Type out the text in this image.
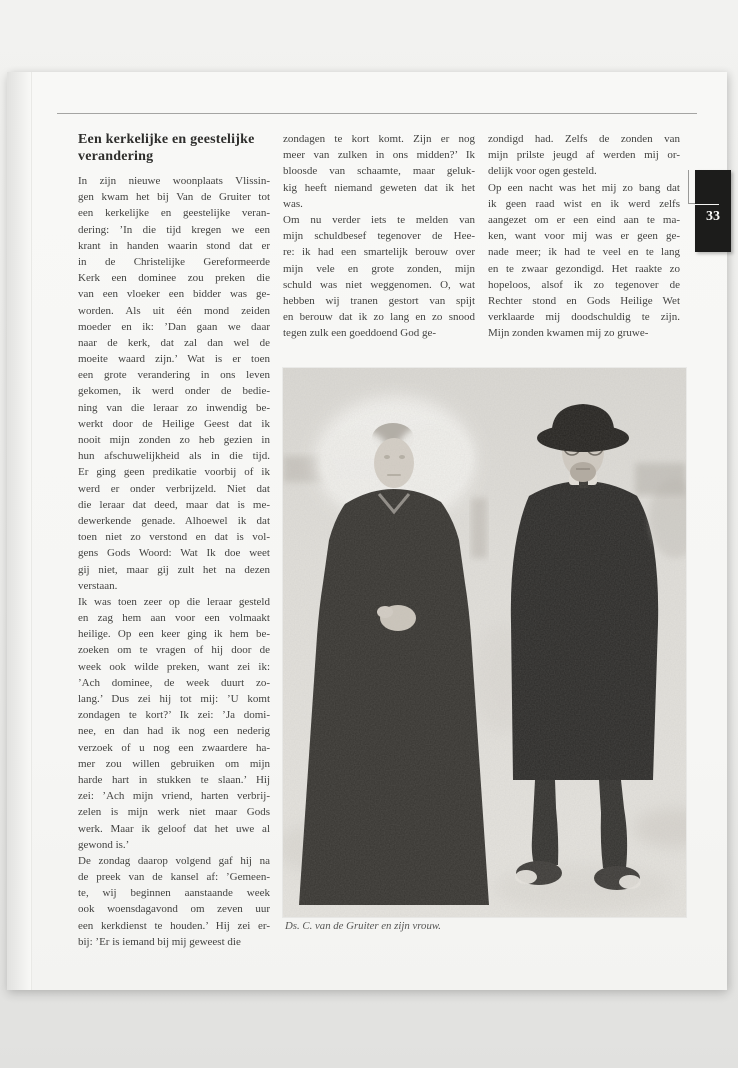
Een kerkelijke en geestelijke
verandering
In zijn nieuwe woonplaats Vlissin-
gen kwam het bij Van de Gruiter tot
een kerkelijke en geestelijke veran-
dering: ’In die tijd kregen we een
krant in handen waarin stond dat er
in de Christelijke Gereformeerde
Kerk een dominee zou preken die
van een vloeker een bidder was ge-
worden. Als uit één mond zeiden
moeder en ik: ’Dan gaan we daar
naar de kerk, dat zal dan wel de
moeite waard zijn.’ Wat is er toen
een grote verandering in ons leven
gekomen, ik werd onder de bedie-
ning van die leraar zo inwendig be-
werkt door de Heilige Geest dat ik
nooit mijn zonden zo heb gezien in
hun afschuwelijkheid als in die tijd.
Er ging geen predikatie voorbij of ik
werd er onder verbrijzeld. Niet dat
die leraar dat deed, maar dat is me-
dewerkende genade. Alhoewel ik dat
toen niet zo verstond en dat is vol-
gens Gods Woord: Wat Ik doe weet
gij niet, maar gij zult het na dezen
verstaan.
Ik was toen zeer op die leraar gesteld
en zag hem aan voor een volmaakt
heilige. Op een keer ging ik hem be-
zoeken om te vragen of hij door de
week ook wilde preken, want zei ik:
’Ach dominee, de week duurt zo-
lang.’ Dus zei hij tot mij: ’U komt
zondagen te kort?’ Ik zei: ’Ja domi-
nee, en dan had ik nog een nederig
verzoek of u nog een zwaardere ha-
mer zou willen gebruiken om mijn
harde hart in stukken te slaan.’ Hij
zei: ’Ach mijn vriend, harten verbrij-
zelen is mijn werk niet maar Gods
werk. Maar ik geloof dat het uwe al
gewond is.’
De zondag daarop volgend gaf hij na
de preek van de kansel af: ’Gemeen-
te, wij beginnen aanstaande week
ook woensdagavond om zeven uur
een kerkdienst te houden.’ Hij zei er-
bij: ’Er is iemand bij mij geweest die
zondagen te kort komt. Zijn er nog
meer van zulken in ons midden?’ Ik
bloosde van schaamte, maar geluk-
kig heeft niemand geweten dat ik het
was.
Om nu verder iets te melden van
mijn schuldbesef tegenover de Hee-
re: ik had een smartelijk berouw over
mijn vele en grote zonden, mijn
schuld was niet weggenomen. O, wat
hebben wij tranen gestort van spijt
en berouw dat ik zo lang en zo snood
tegen zulk een goeddoend God ge-
zondigd had. Zelfs de zonden van
mijn prilste jeugd af werden mij or-
delijk voor ogen gesteld.
Op een nacht was het mij zo bang dat
ik geen raad wist en ik werd zelfs
aangezet om er een eind aan te ma-
ken, want voor mij was er geen ge-
nade meer; ik had te veel en te lang
en te zwaar gezondigd. Het raakte zo
hopeloos, alsof ik zo tegenover de
Rechter stond en Gods Heilige Wet
verklaarde mij doodschuldig te zijn.
Mijn zonden kwamen mij zo gruwe-
Ds. C. van de Gruiter en zijn vrouw.
33
